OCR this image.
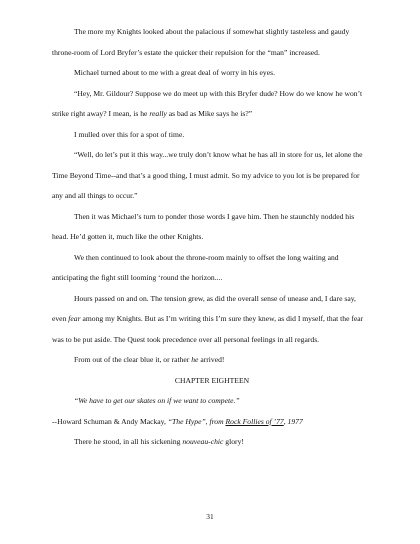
The more my Knights looked about the palacious if somewhat slightly tasteless and gaudy throne-room of Lord Bryfer’s estate the quicker their repulsion for the “man” increased.

Michael turned about to me with a great deal of worry in his eyes.

“Hey, Mr. Gildour? Suppose we do meet up with this Bryfer dude? How do we know he won’t strike right away? I mean, is he really as bad as Mike says he is?”

I mulled over this for a spot of time.

“Well, do let’s put it this way...we truly don’t know what he has all in store for us, let alone the Time Beyond Time--and that’s a good thing, I must admit. So my advice to you lot is be prepared for any and all things to occur.”

Then it was Michael’s turn to ponder those words I gave him. Then he staunchly nodded his head. He’d gotten it, much like the other Knights.

We then continued to look about the throne-room mainly to offset the long waiting and anticipating the fight still looming ‘round the horizon....

Hours passed on and on. The tension grew, as did the overall sense of unease and, I dare say, even fear among my Knights. But as I’m writing this I’m sure they knew, as did I myself, that the fear was to be put aside. The Quest took precedence over all personal feelings in all regards.

From out of the clear blue it, or rather he arrived!

CHAPTER EIGHTEEN

“We have to get our skates on if we want to compete.”

--Howard Schuman & Andy Mackay, “The Hype”, from Rock Follies of ’77, 1977

There he stood, in all his sickening nouveau-chic glory!

31
